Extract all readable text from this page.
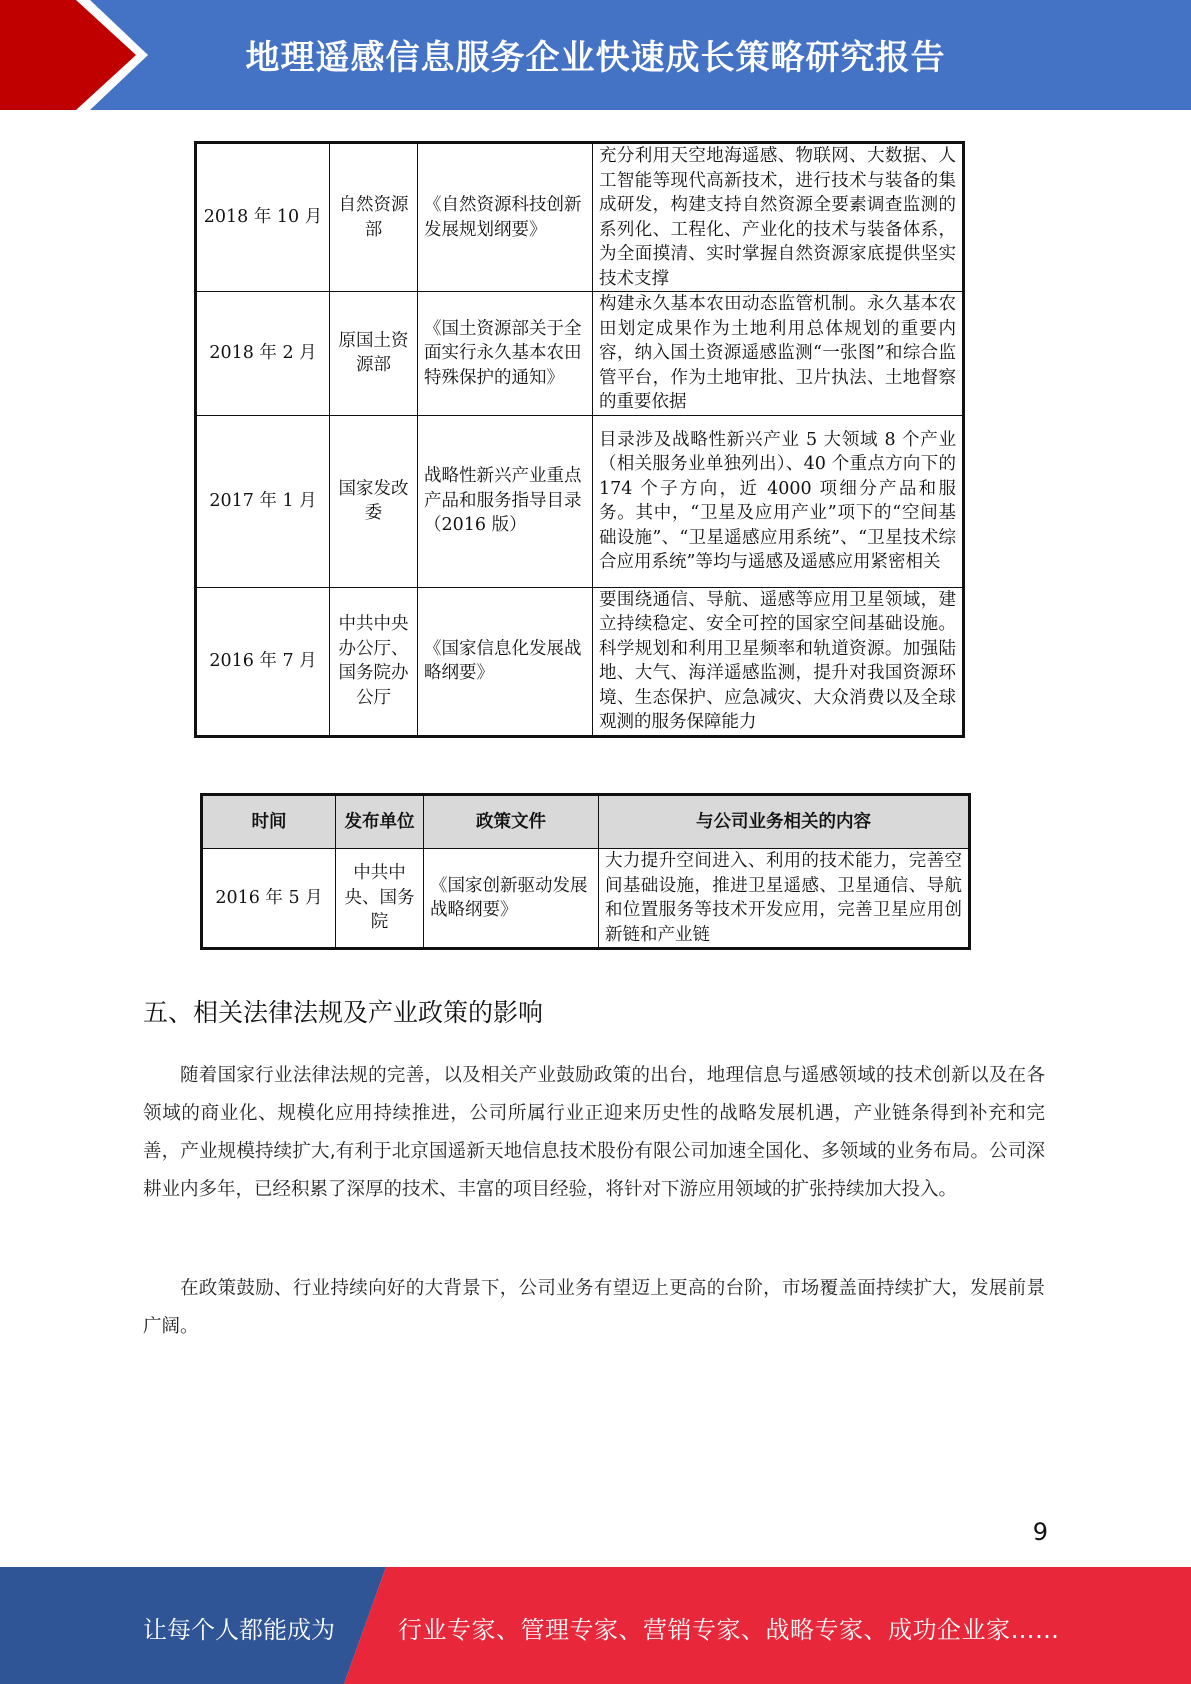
地理遥感信息服务企业快速成长策略研究报告
2018 年 10 月	自然资源部	《自然资源科技创新发展规划纲要》	充分利用天空地海遥感、物联网、大数据、人工智能等现代高新技术，进行技术与装备的集成研发，构建支持自然资源全要素调查监测的系列化、工程化、产业化的技术与装备体系，为全面摸清、实时掌握自然资源家底提供坚实技术支撑
2018 年 2 月	原国土资源部	《国土资源部关于全面实行永久基本农田特殊保护的通知》	构建永久基本农田动态监管机制。永久基本农田划定成果作为土地利用总体规划的重要内容，纳入国土资源遥感监测“一张图”和综合监管平台，作为土地审批、卫片执法、土地督察的重要依据
2017 年 1 月	国家发改委	战略性新兴产业重点产品和服务指导目录（2016 版）	目录涉及战略性新兴产业 5 大领域 8 个产业（相关服务业单独列出）、40 个重点方向下的 174 个子方向，近 4000 项细分产品和服务。其中，“卫星及应用产业”项下的“空间基础设施”、“卫星遥感应用系统”、“卫星技术综合应用系统”等均与遥感及遥感应用紧密相关
2016 年 7 月	中共中央办公厅、国务院办公厅	《国家信息化发展战略纲要》	要围绕通信、导航、遥感等应用卫星领域，建立持续稳定、安全可控的国家空间基础设施。科学规划和利用卫星频率和轨道资源。加强陆地、大气、海洋遥感监测，提升对我国资源环境、生态保护、应急减灾、大众消费以及全球观测的服务保障能力
时间	发布单位	政策文件	与公司业务相关的内容
2016 年 5 月	中共中央、国务院	《国家创新驱动发展战略纲要》	大力提升空间进入、利用的技术能力，完善空间基础设施，推进卫星遥感、卫星通信、导航和位置服务等技术开发应用，完善卫星应用创新链和产业链
五、相关法律法规及产业政策的影响

随着国家行业法律法规的完善，以及相关产业鼓励政策的出台，地理信息与遥感领域的技术创新以及在各领域的商业化、规模化应用持续推进，公司所属行业正迎来历史性的战略发展机遇，产业链条得到补充和完善，产业规模持续扩大,有利于北京国遥新天地信息技术股份有限公司加速全国化、多领域的业务布局。公司深耕业内多年，已经积累了深厚的技术、丰富的项目经验，将针对下游应用领域的扩张持续加大投入。

在政策鼓励、行业持续向好的大背景下，公司业务有望迈上更高的台阶，市场覆盖面持续扩大，发展前景广阔。

9
让每个人都能成为	行业专家、管理专家、营销专家、战略专家、成功企业家……
